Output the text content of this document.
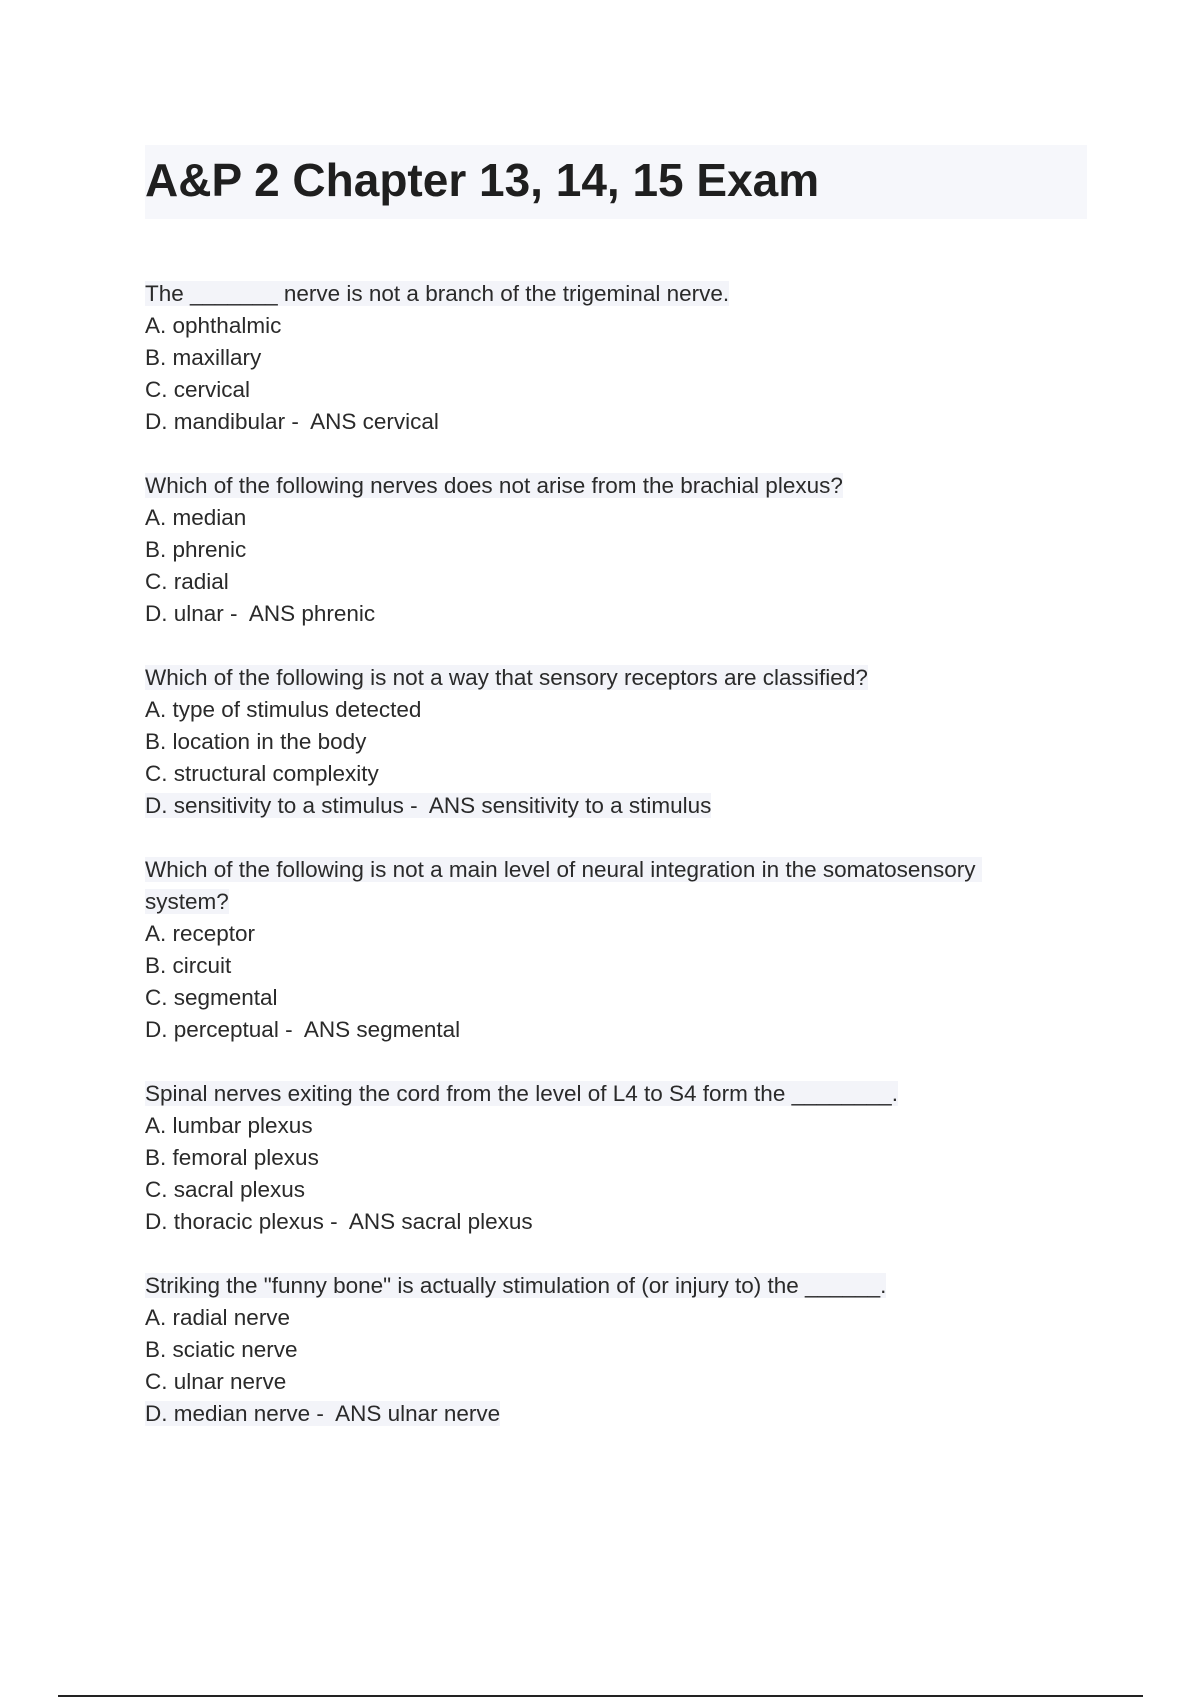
A&P 2 Chapter 13, 14, 15 Exam
The _______ nerve is not a branch of the trigeminal nerve.
A. ophthalmic
B. maxillary
C. cervical
D. mandibular -  ANS cervical
Which of the following nerves does not arise from the brachial plexus?
A. median
B. phrenic
C. radial
D. ulnar -  ANS phrenic
Which of the following is not a way that sensory receptors are classified?
A. type of stimulus detected
B. location in the body
C. structural complexity
D. sensitivity to a stimulus -  ANS sensitivity to a stimulus
Which of the following is not a main level of neural integration in the somatosensory system?
A. receptor
B. circuit
C. segmental
D. perceptual -  ANS segmental
Spinal nerves exiting the cord from the level of L4 to S4 form the ________.
A. lumbar plexus
B. femoral plexus
C. sacral plexus
D. thoracic plexus -  ANS sacral plexus
Striking the "funny bone" is actually stimulation of (or injury to) the ______.
A. radial nerve
B. sciatic nerve
C. ulnar nerve
D. median nerve -  ANS ulnar nerve
